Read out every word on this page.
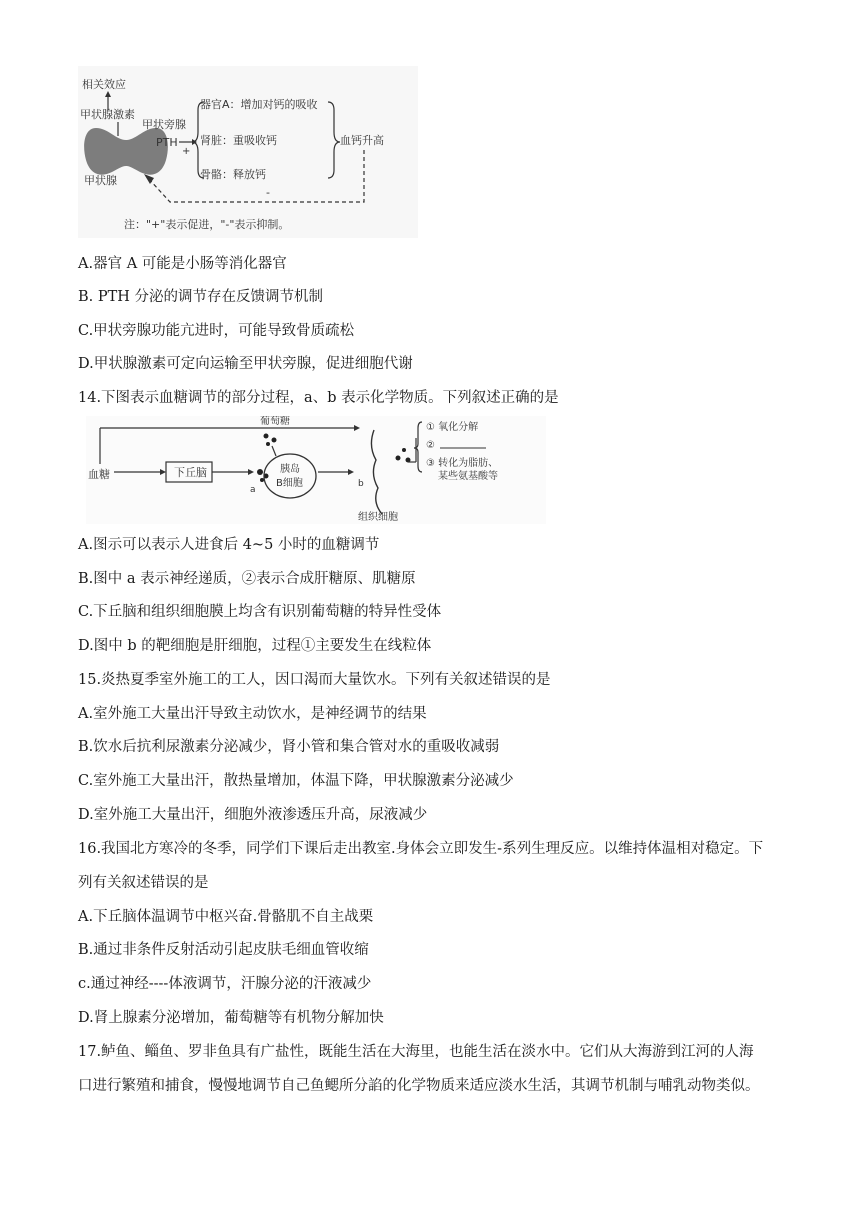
相关效应
甲状腺激素
甲状旁腺
PTH
+
器官A：增加对钙的吸收
肾脏：重吸收钙
骨骼：释放钙
血钙升高
-
甲状腺
注："+"表示促进，"-"表示抑制。
A.器官 A 可能是小肠等消化器官
B. PTH 分泌的调节存在反馈调节机制
C.甲状旁腺功能亢进时，可能导致骨质疏松
D.甲状腺激素可定向运输至甲状旁腺，促进细胞代谢
14.下图表示血糖调节的部分过程，a、b 表示化学物质。下列叙述正确的是
血糖	下丘脑
a
葡萄糖
胰岛
B细胞	b
① 氧化分解
②
③ 转化为脂肪、
某些氨基酸等
组织细胞
A.图示可以表示人进食后 4~5 小时的血糖调节
B.图中 a 表示神经递质，②表示合成肝糖原、肌糖原
C.下丘脑和组织细胞膜上均含有识别葡萄糖的特异性受体
D.图中 b 的靶细胞是肝细胞，过程①主要发生在线粒体
15.炎热夏季室外施工的工人，因口渴而大量饮水。下列有关叙述错误的是
A.室外施工大量出汗导致主动饮水，是神经调节的结果
B.饮水后抗利尿激素分泌减少，肾小管和集合管对水的重吸收减弱
C.室外施工大量出汗，散热量增加，体温下降，甲状腺激素分泌减少
D.室外施工大量出汗，细胞外液渗透压升高，尿液减少
16.我国北方寒冷的冬季，同学们下课后走出教室.身体会立即发生-系列生理反应。以维持体温相对稳定。下
列有关叙述错误的是
A.下丘脑体温调节中枢兴奋.骨骼肌不自主战栗
B.通过非条件反射活动引起皮肤毛细血管收缩
c.通过神经----体液调节，汗腺分泌的汗液减少
D.肾上腺素分泌增加，葡萄糖等有机物分解加快
17.鲈鱼、鲻鱼、罗非鱼具有广盐性，既能生活在大海里，也能生活在淡水中。它们从大海游到江河的人海
口进行繁殖和捕食，慢慢地调节自己鱼鳃所分諂的化学物质来适应淡水生活，其调节机制与哺乳动物类似。
